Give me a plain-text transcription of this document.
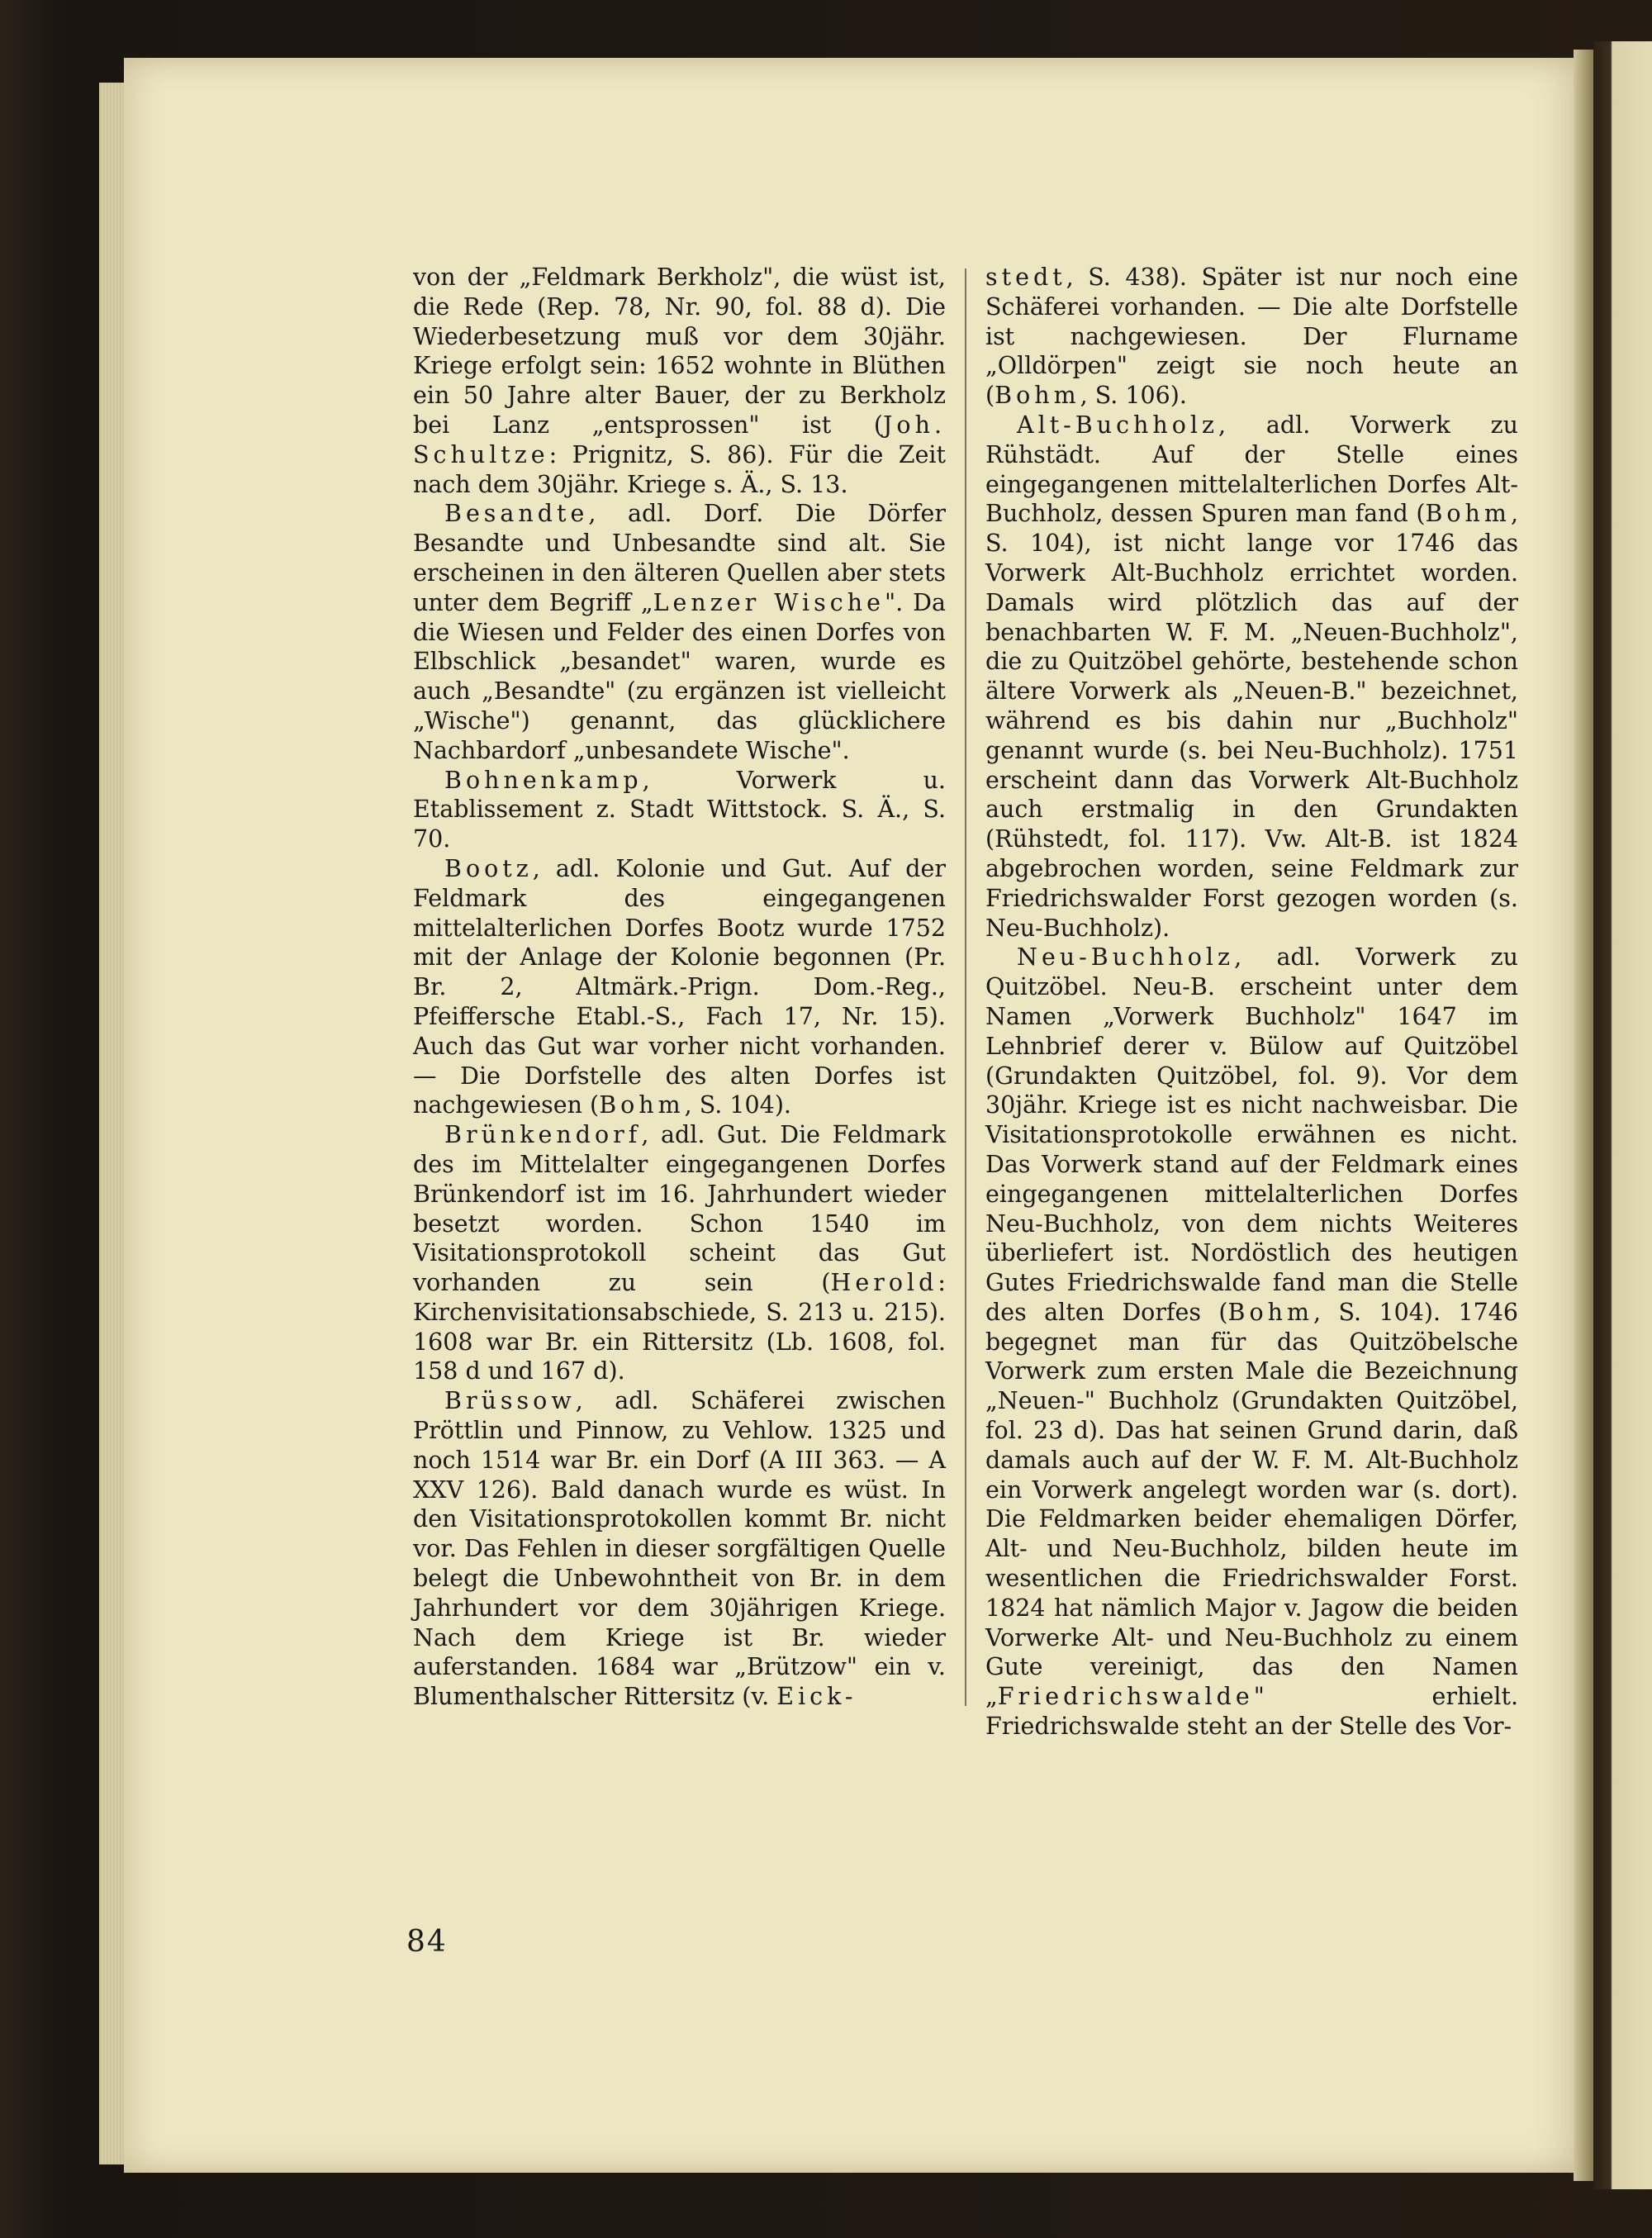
von der „Feldmark Berkholz", die wüst ist, die Rede (Rep. 78, Nr. 90, fol. 88 d). Die Wiederbesetzung muß vor dem 30jähr. Kriege erfolgt sein: 1652 wohnte in Blüthen ein 50 Jahre alter Bauer, der zu Berkholz bei Lanz „entsprossen" ist (Joh. Schultze: Prignitz, S. 86). Für die Zeit nach dem 30jähr. Kriege s. Ä., S. 13.

Besandte, adl. Dorf. Die Dörfer Besandte und Unbesandte sind alt. Sie erscheinen in den älteren Quellen aber stets unter dem Begriff „Lenzer Wische". Da die Wiesen und Felder des einen Dorfes von Elbschlick „besandet" waren, wurde es auch „Besandte" (zu ergänzen ist vielleicht „Wische") genannt, das glücklichere Nachbardorf „unbesandete Wische".

Bohnenkamp, Vorwerk u. Etablissement z. Stadt Wittstock. S. Ä., S. 70.

Bootz, adl. Kolonie und Gut. Auf der Feldmark des eingegangenen mittelalterlichen Dorfes Bootz wurde 1752 mit der Anlage der Kolonie begonnen (Pr. Br. 2, Altmärk.-Prign. Dom.-Reg., Pfeiffersche Etabl.-S., Fach 17, Nr. 15). Auch das Gut war vorher nicht vorhanden. — Die Dorfstelle des alten Dorfes ist nachgewiesen (Bohm, S. 104).

Brünkendorf, adl. Gut. Die Feldmark des im Mittelalter eingegangenen Dorfes Brünkendorf ist im 16. Jahrhundert wieder besetzt worden. Schon 1540 im Visitationsprotokoll scheint das Gut vorhanden zu sein (Herold: Kirchenvisitationsabschiede, S. 213 u. 215). 1608 war Br. ein Rittersitz (Lb. 1608, fol. 158 d und 167 d).

Brüssow, adl. Schäferei zwischen Pröttlin und Pinnow, zu Vehlow. 1325 und noch 1514 war Br. ein Dorf (A III 363. — A XXV 126). Bald danach wurde es wüst. In den Visitationsprotokollen kommt Br. nicht vor. Das Fehlen in dieser sorgfältigen Quelle belegt die Unbewohntheit von Br. in dem Jahrhundert vor dem 30jährigen Kriege. Nach dem Kriege ist Br. wieder auferstanden. 1684 war „Brützow" ein v. Blumenthalscher Rittersitz (v. Eick-

stedt, S. 438). Später ist nur noch eine Schäferei vorhanden. — Die alte Dorfstelle ist nachgewiesen. Der Flurname „Olldörpen" zeigt sie noch heute an (Bohm, S. 106).

Alt-Buchholz, adl. Vorwerk zu Rühstädt. Auf der Stelle eines eingegangenen mittelalterlichen Dorfes Alt-Buchholz, dessen Spuren man fand (Bohm, S. 104), ist nicht lange vor 1746 das Vorwerk Alt-Buchholz errichtet worden. Damals wird plötzlich das auf der benachbarten W. F. M. „Neuen-Buchholz", die zu Quitzöbel gehörte, bestehende schon ältere Vorwerk als „Neuen-B." bezeichnet, während es bis dahin nur „Buchholz" genannt wurde (s. bei Neu-Buchholz). 1751 erscheint dann das Vorwerk Alt-Buchholz auch erstmalig in den Grundakten (Rühstedt, fol. 117). Vw. Alt-B. ist 1824 abgebrochen worden, seine Feldmark zur Friedrichswalder Forst gezogen worden (s. Neu-Buchholz).

Neu-Buchholz, adl. Vorwerk zu Quitzöbel. Neu-B. erscheint unter dem Namen „Vorwerk Buchholz" 1647 im Lehnbrief derer v. Bülow auf Quitzöbel (Grundakten Quitzöbel, fol. 9). Vor dem 30jähr. Kriege ist es nicht nachweisbar. Die Visitationsprotokolle erwähnen es nicht. Das Vorwerk stand auf der Feldmark eines eingegangenen mittelalterlichen Dorfes Neu-Buchholz, von dem nichts Weiteres überliefert ist. Nordöstlich des heutigen Gutes Friedrichswalde fand man die Stelle des alten Dorfes (Bohm, S. 104). 1746 begegnet man für das Quitzöbelsche Vorwerk zum ersten Male die Bezeichnung „Neuen-" Buchholz (Grundakten Quitzöbel, fol. 23 d). Das hat seinen Grund darin, daß damals auch auf der W. F. M. Alt-Buchholz ein Vorwerk angelegt worden war (s. dort). Die Feldmarken beider ehemaligen Dörfer, Alt- und Neu-Buchholz, bilden heute im wesentlichen die Friedrichswalder Forst. 1824 hat nämlich Major v. Jagow die beiden Vorwerke Alt- und Neu-Buchholz zu einem Gute vereinigt, das den Namen „Friedrichswalde" erhielt. Friedrichswalde steht an der Stelle des Vor-

84
